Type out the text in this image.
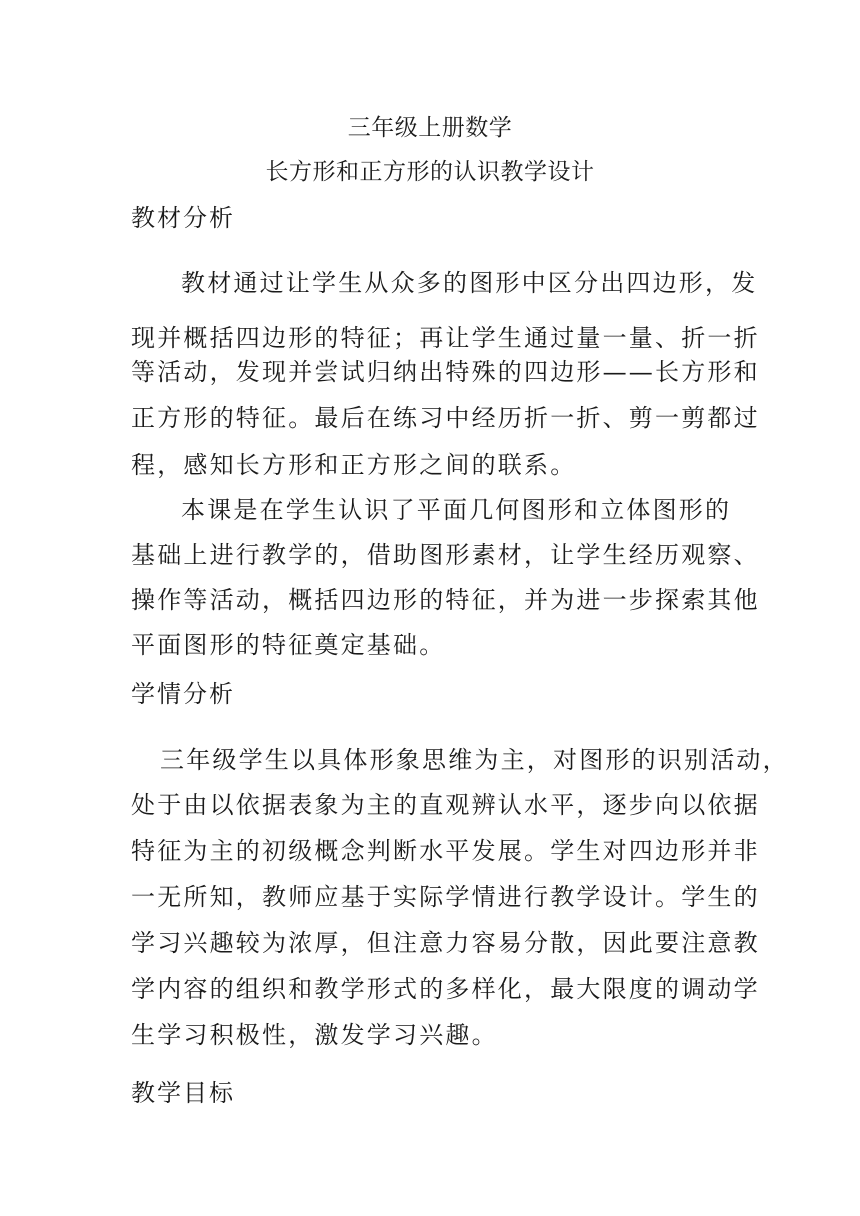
三年级上册数学

长方形和正方形的认识教学设计

教材分析

教材通过让学生从众多的图形中区分出四边形，发

现并概括四边形的特征；再让学生通过量一量、折一折

等活动，发现并尝试归纳出特殊的四边形——长方形和

正方形的特征。最后在练习中经历折一折、剪一剪都过

程，感知长方形和正方形之间的联系。

本课是在学生认识了平面几何图形和立体图形的

基础上进行教学的，借助图形素材，让学生经历观察、

操作等活动，概括四边形的特征，并为进一步探索其他

平面图形的特征奠定基础。

学情分析

三年级学生以具体形象思维为主，对图形的识别活动，

处于由以依据表象为主的直观辨认水平，逐步向以依据

特征为主的初级概念判断水平发展。学生对四边形并非

一无所知，教师应基于实际学情进行教学设计。学生的

学习兴趣较为浓厚，但注意力容易分散，因此要注意教

学内容的组织和教学形式的多样化，最大限度的调动学

生学习积极性，激发学习兴趣。

教学目标
